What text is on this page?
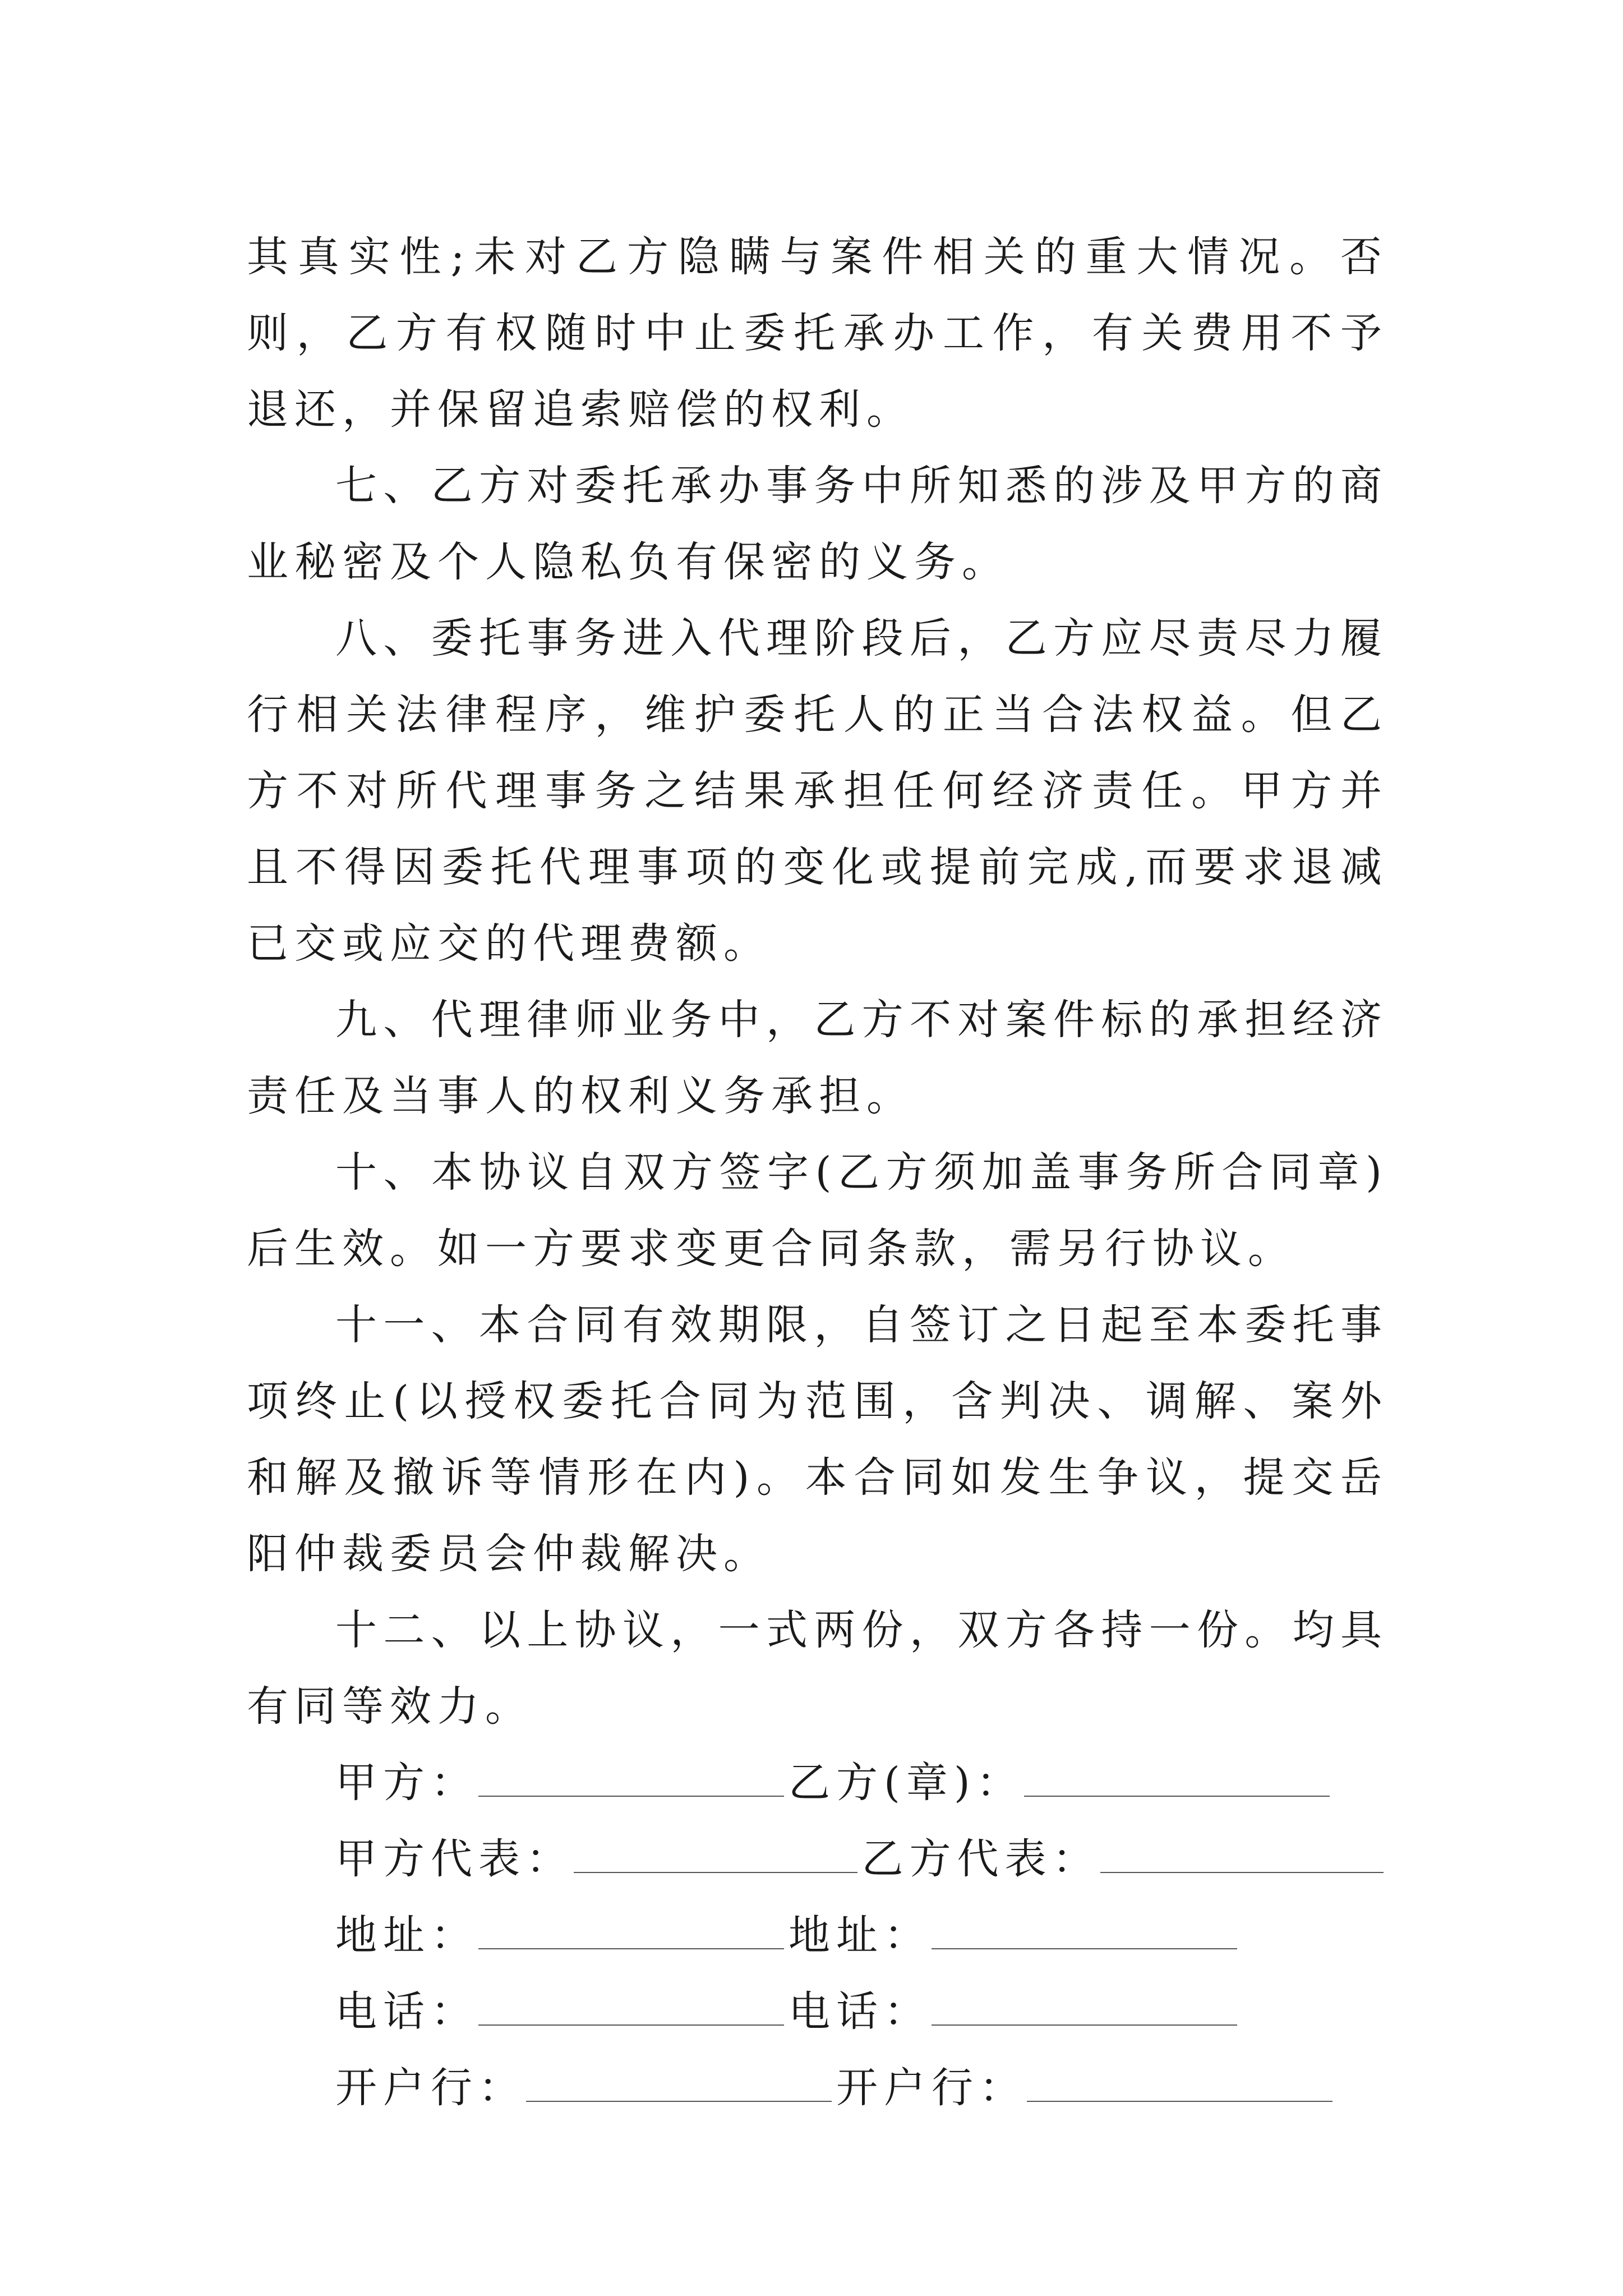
其真实性;未对乙方隐瞒与案件相关的重大情况。否则，乙方有权随时中止委托承办工作，有关费用不予退还，并保留追索赔偿的权利。

七、乙方对委托承办事务中所知悉的涉及甲方的商业秘密及个人隐私负有保密的义务。

八、委托事务进入代理阶段后，乙方应尽责尽力履行相关法律程序，维护委托人的正当合法权益。但乙方不对所代理事务之结果承担任何经济责任。甲方并且不得因委托代理事项的变化或提前完成,而要求退减已交或应交的代理费额。

九、代理律师业务中，乙方不对案件标的承担经济责任及当事人的权利义务承担。

十、本协议自双方签字(乙方须加盖事务所合同章)后生效。如一方要求变更合同条款，需另行协议。

十一、本合同有效期限，自签订之日起至本委托事项终止(以授权委托合同为范围，含判决、调解、案外和解及撤诉等情形在内)。本合同如发生争议，提交岳阳仲裁委员会仲裁解决。

十二、以上协议，一式两份，双方各持一份。均具有同等效力。

甲方：	乙方(章)：
甲方代表：	乙方代表：
地址：	地址：
电话：	电话：
开户行：	开户行：
